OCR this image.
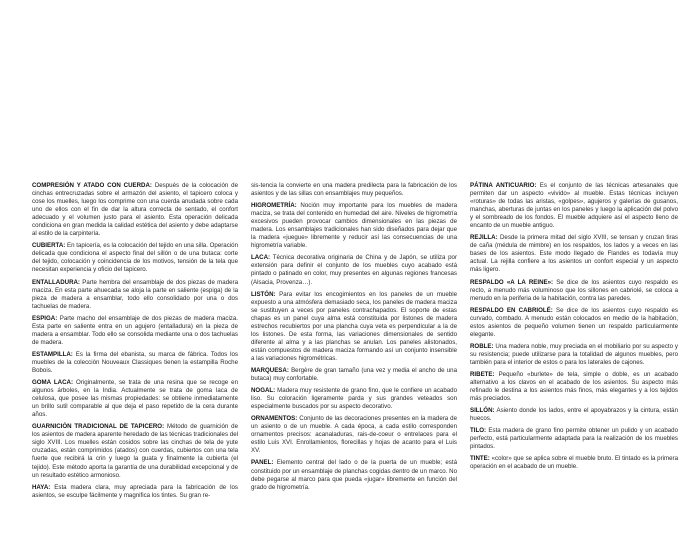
COMPRESIÓN Y ATADO CON CUERDA: Después de la colocación de cinchas entrecruzadas sobre el armazón del asiento, el tapicero coloca y cose los muelles, luego los comprime con una cuerda anudada sobre cada uno de ellos con el fin de dar la altura correcta de sentado, el confort adecuado y el volumen justo para el asiento. Esta operación delicada condiciona en gran medida la calidad estética del asiento y debe adaptarse al estilo de la carpintería.

CUBIERTA: En tapicería, es la colocación del tejido en una silla. Operación delicada que condiciona el aspecto final del sillón o de una butaca: corte del tejido, colocación y coincidencia de los motivos, tensión de la tela que necesitan experiencia y oficio del tapicero.

ENTALLADURA: Parte hembra del ensamblaje de dos piezas de madera maciza. En esta parte ahuecada se aloja la parte en saliente (espiga) de la pieza de madera a ensamblar, todo ello consolidado por una o dos tachuelas de madera.

ESPIGA: Parte macho del ensamblaje de dos piezas de madera maciza. Esta parte en saliente entra en un agujero (entalladura) en la pieza de madera a ensamblar. Todo ello se consolida mediante una o dos tachuelas de madera.

ESTAMPILLA: Es la firma del ebanista, su marca de fábrica. Todos los muebles de la colección Nouveaux Classiques tienen la estampilla Roche Bobois.

GOMA LACA: Originalmente, se trata de una resina que se recoge en algunos árboles, en la India. Actualmente se trata de goma laca de celulosa, que posee las mismas propiedades: se obtiene inmediatamente un brillo sutil comparable al que deja el paso repetido de la cera durante años.

GUARNICIÓN TRADICIONAL DE TAPICERO: Método de guarnición de los asientos de madera aparente heredado de las técnicas tradicionales del siglo XVIII. Los muelles están cosidos sobre las cinchas de tela de yute cruzadas, están comprimidos (atados) con cuerdas, cubiertos con una tela fuerte que recibirá la crin y luego la guata y finalmente la cubierta (el tejido). Este método aporta la garantía de una durabilidad excepcional y de un resultado estético armonioso.

HAYA: Esta madera clara, muy apreciada para la fabricación de los asientos, se esculpe fácilmente y magnifica los tintes. Su gran re-

sis-tencia la convierte en una madera predilecta para la fabricación de los asientos y de las sillas con ensamblajes muy pequeños.

HIGROMETRÍA: Noción muy importante para los muebles de madera maciza, se trata del contenido en humedad del aire. Niveles de higrometría excesivos pueden provocar cambios dimensionales en las piezas de madera. Los ensamblajes tradicionales han sido diseñados para dejar que la madera «juegue» libremente y reducir así las consecuencias de una higrometría variable.

LACA: Técnica decorativa originaria de China y de Japón, se utiliza por extensión para definir el conjunto de los muebles cuyo acabado está pintado o patinado en color, muy presentes en algunas regiones francesas (Alsacia, Provenza…).

LISTÓN: Para evitar los encogimientos en los paneles de un mueble expuesto a una atmósfera demasiado seca, los paneles de madera maciza se sustituyen a veces por paneles contrachapados. El soporte de estas chapas es un panel cuya alma está constituida por listones de madera estrechos recubiertos por una plancha cuya veta es perpendicular a la de los listones. De esta forma, las variaciones dimensionales de sentido diferente al alma y a las planchas se anulan. Los paneles alistonados, están compuestos de madera maciza formando así un conjunto insensible a las variaciones higrométricas.

MARQUESA: Bergère de gran tamaño (una vez y media el ancho de una butaca) muy confortable.

NOGAL: Madera muy resistente de grano fino, que le confiere un acabado liso. Su coloración ligeramente parda y sus grandes veteados son especialmente buscados por su aspecto decorativo.

ORNAMENTOS: Conjunto de las decoraciones presentes en la madera de un asiento o de un mueble. A cada época, a cada estilo corresponden ornamentos precisos: acanaladuras, rais-de-coeur o entrelaces para el estilo Luis XVI. Enrollamientos, florecillas y hojas de acanto para el Luis XV.

PANEL: Elemento central del lado o de la puerta de un mueble; está constituido por un ensamblaje de planchas cogidas dentro de un marco. No debe pegarse al marco para que pueda «jugar» libremente en función del grado de higrometría.

PÁTINA ANTICUARIO: Es el conjunto de las técnicas artesanales que permiten dar un aspecto «vivido» al mueble. Estas técnicas incluyen «roturas» de todas las aristas, «golpes», agujeros y galerías de gusanos, manchas, aberturas de juntas en los paneles y luego la aplicación del polvo y el sombreado de los fondos. El mueble adquiere así el aspecto lleno de encanto de un mueble antiguo.

REJILLA: Desde la primera mitad del siglo XVIII, se tensan y cruzan tiras de caña (médula de mimbre) en los respaldos, los lados y a veces en las bases de los asientos. Este modo llegado de Flandes es todavía muy actual. La rejilla confiere a los asientos un confort especial y un aspecto más ligero.

RESPALDO «A LA REINE»: Se dice de los asientos cuyo respaldo es recto, a menudo más voluminoso que los sillones en cabriolé, se coloca a menudo en la periferia de la habitación, contra las paredes.

RESPALDO EN CABRIOLÉ: Se dice de los asientos cuyo respaldo es curvado, combado. A menudo están colocados en medio de la habitación, estos asientos de pequeño volumen tienen un respaldo particularmente elegante.

ROBLE: Una madera noble, muy preciada en el mobiliario por su aspecto y su resistencia; puede utilizarse para la totalidad de algunos muebles, pero también para el interior de estos o para los laterales de cajones.

RIBETE: Pequeño «burlete» de tela, simple o doble, es un acabado alternativo a los clavos en el acabado de los asientos. Su aspecto más refinado le destina a los asientos más finos, más elegantes y a los tejidos más preciados.

SILLÓN: Asiento donde los lados, entre el apoyabrazos y la cintura, están huecos.

TILO: Esta madera de grano fino permite obtener un pulido y un acabado perfecto, está particularmente adaptada para la realización de los muebles pintados.

TINTE: «color» que se aplica sobre el mueble bruto. El tintado es la primera operación en el acabado de un mueble.
